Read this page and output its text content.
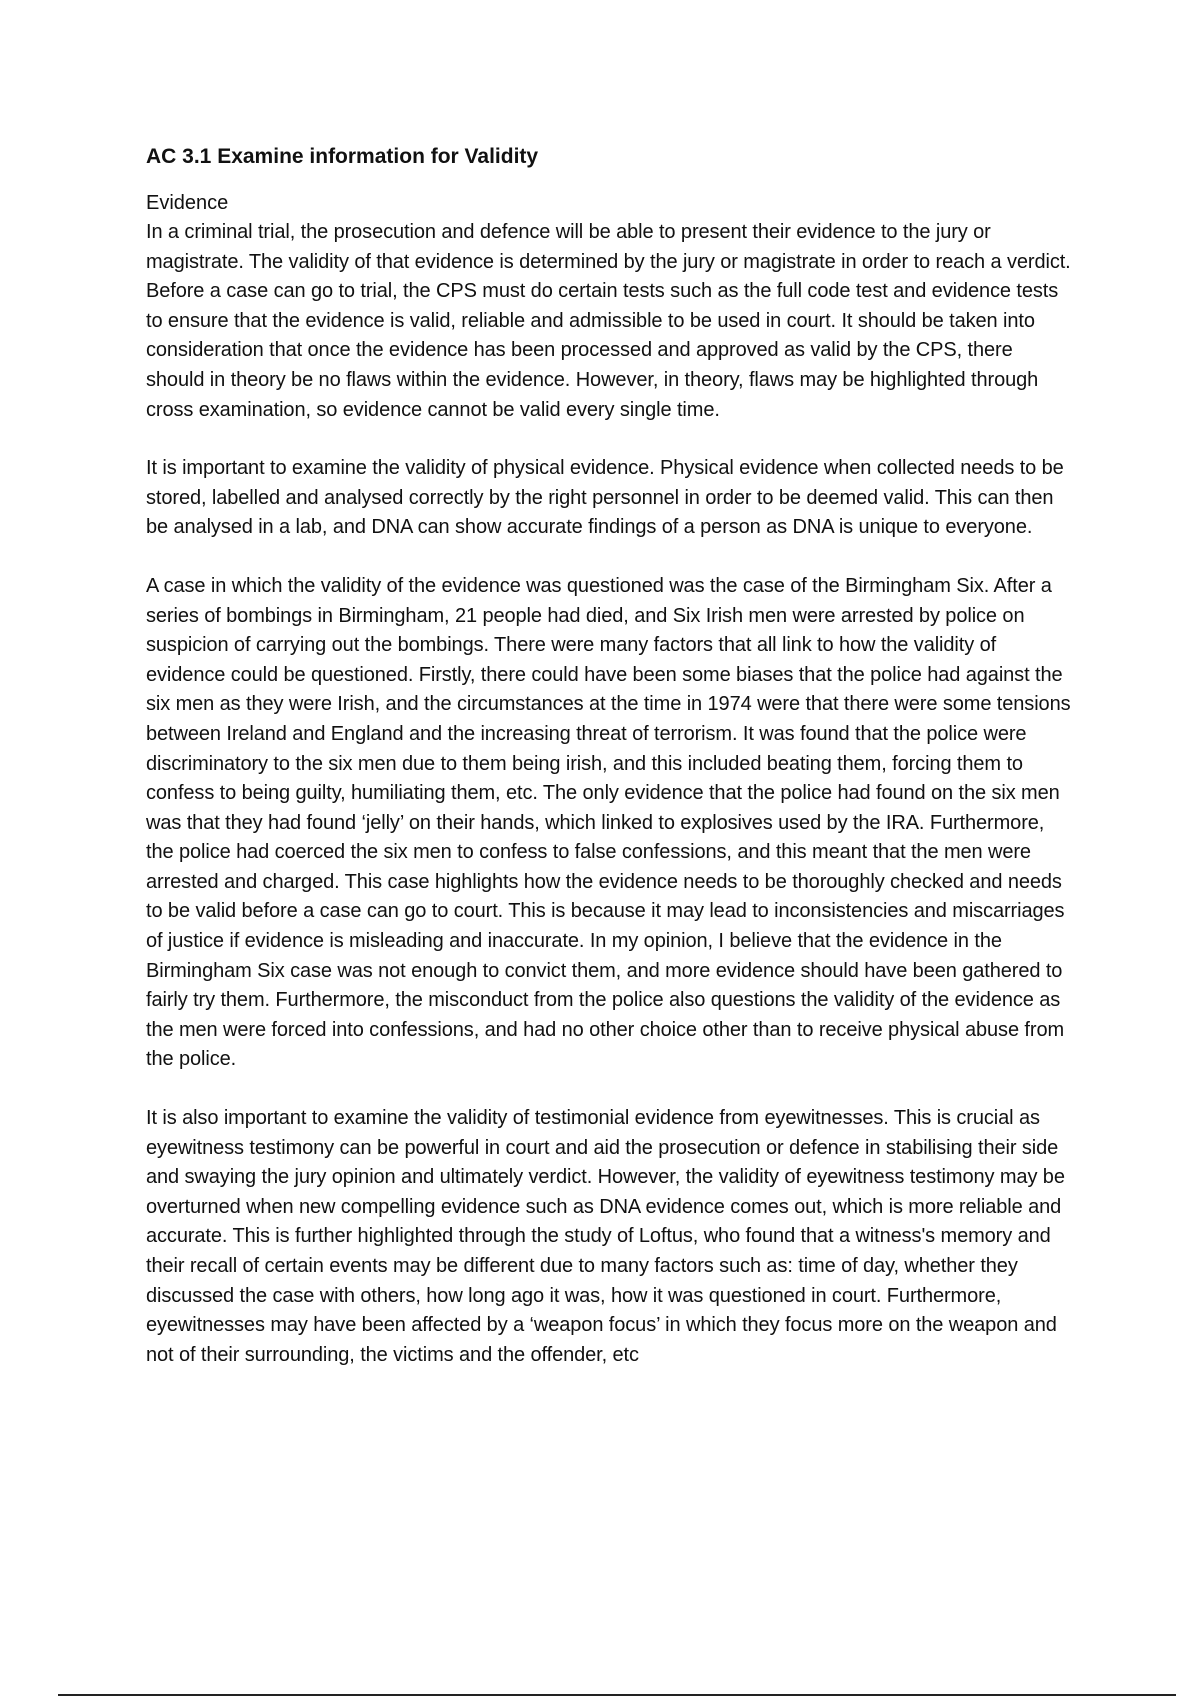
AC 3.1 Examine information for Validity

Evidence

In a criminal trial, the prosecution and defence will be able to present their evidence to the jury or magistrate. The validity of that evidence is determined by the jury or magistrate in order to reach a verdict. Before a case can go to trial, the CPS must do certain tests such as the full code test and evidence tests to ensure that the evidence is valid, reliable and admissible to be used in court. It should be taken into consideration that once the evidence has been processed and approved as valid by the CPS, there should in theory be no flaws within the evidence. However, in theory, flaws may be highlighted through cross examination, so evidence cannot be valid every single time.

It is important to examine the validity of physical evidence. Physical evidence when collected needs to be stored, labelled and analysed correctly by the right personnel in order to be deemed valid. This can then be analysed in a lab, and DNA can show accurate findings of a person as DNA is unique to everyone.

A case in which the validity of the evidence was questioned was the case of the Birmingham Six. After a series of bombings in Birmingham, 21 people had died, and Six Irish men were arrested by police on suspicion of carrying out the bombings. There were many factors that all link to how the validity of evidence could be questioned. Firstly, there could have been some biases that the police had against the six men as they were Irish, and the circumstances at the time in 1974 were that there were some tensions between Ireland and England and the increasing threat of terrorism. It was found that the police were discriminatory to the six men due to them being irish, and this included beating them, forcing them to confess to being guilty, humiliating them, etc. The only evidence that the police had found on the six men was that they had found ‘jelly’ on their hands, which linked to explosives used by the IRA. Furthermore, the police had coerced the six men to confess to false confessions, and this meant that the men were arrested and charged. This case highlights how the evidence needs to be thoroughly checked and needs to be valid before a case can go to court. This is because it may lead to inconsistencies and miscarriages of justice if evidence is misleading and inaccurate. In my opinion, I believe that the evidence in the Birmingham Six case was not enough to convict them, and more evidence should have been gathered to fairly try them. Furthermore, the misconduct from the police also questions the validity of the evidence as the men were forced into confessions, and had no other choice other than to receive physical abuse from the police.

It is also important to examine the validity of testimonial evidence from eyewitnesses. This is crucial as eyewitness testimony can be powerful in court and aid the prosecution or defence in stabilising their side and swaying the jury opinion and ultimately verdict. However, the validity of eyewitness testimony may be overturned when new compelling evidence such as DNA evidence comes out, which is more reliable and accurate. This is further highlighted through the study of Loftus, who found that a witness's memory and their recall of certain events may be different due to many factors such as: time of day, whether they discussed the case with others, how long ago it was, how it was questioned in court. Furthermore, eyewitnesses may have been affected by a ‘weapon focus’ in which they focus more on the weapon and not of their surrounding, the victims and the offender, etc
